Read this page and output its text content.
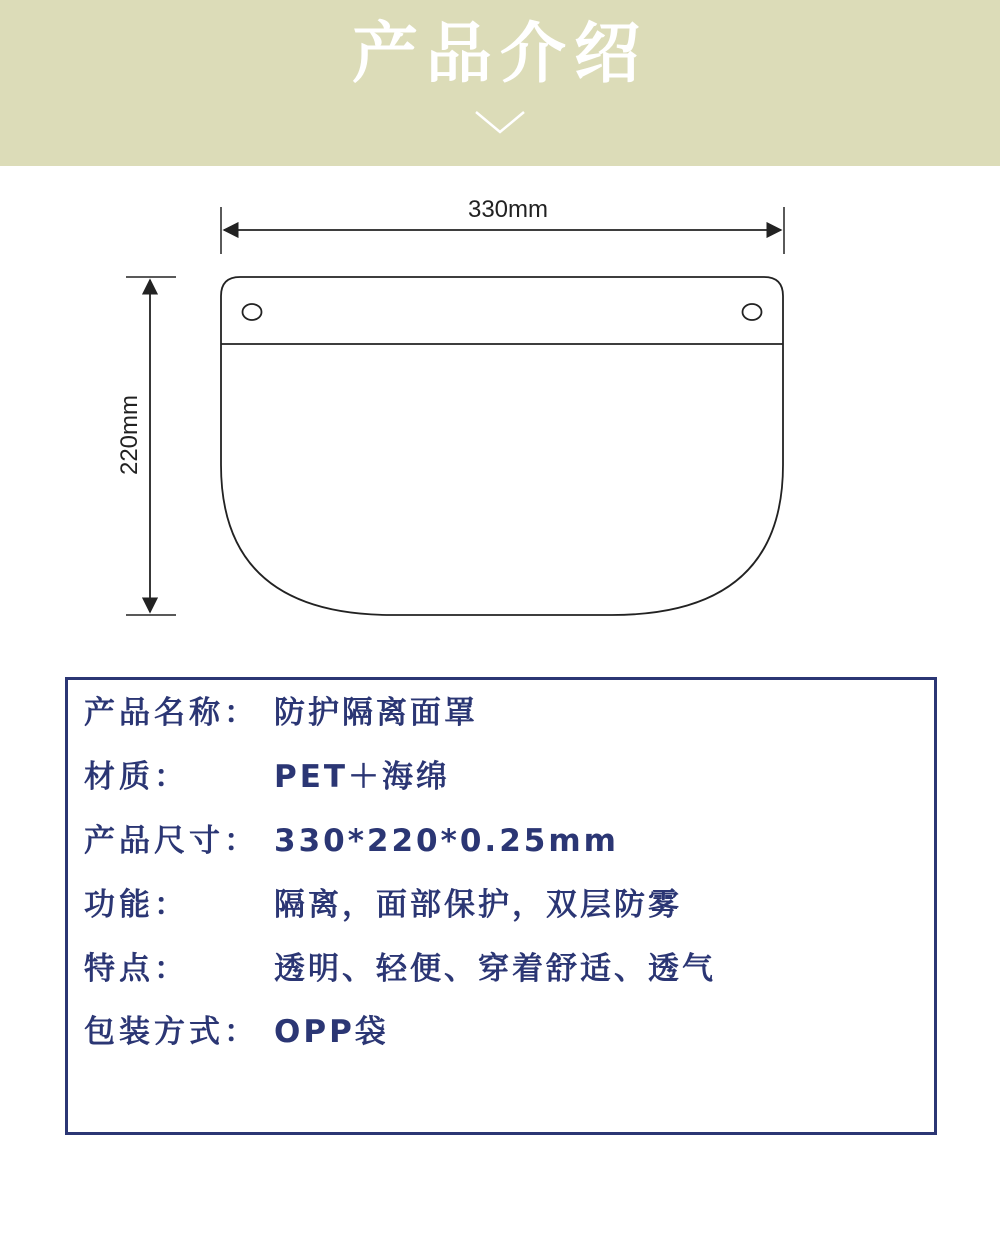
产品介绍
330mm
220mm
产品名称： 防护隔离面罩
材质：	PET＋海绵
产品尺寸： 330*220*0.25mm
功能：	隔离，面部保护，双层防雾
特点：	透明、轻便、穿着舒适、透气
包装方式： OPP袋
